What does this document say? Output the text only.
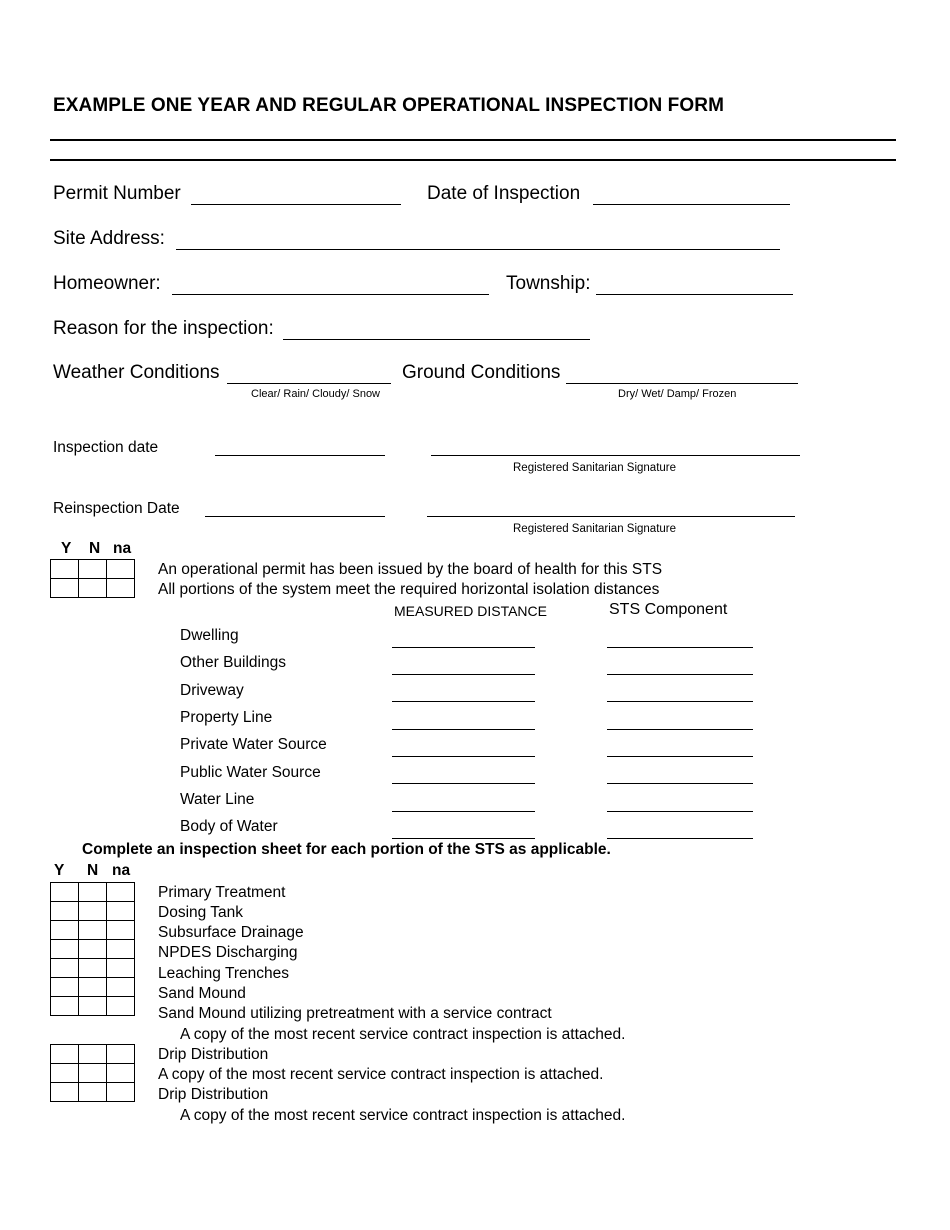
EXAMPLE ONE YEAR AND REGULAR OPERATIONAL INSPECTION FORM
Permit Number	Date of Inspection
Site Address:
Homeowner:	Township:
Reason for the inspection:
Weather Conditions
Clear/ Rain/ Cloudy/ Snow
Ground Conditions
Dry/ Wet/ Damp/ Frozen
Inspection date
Registered Sanitarian Signature
Reinspection Date
Registered Sanitarian Signature
Y N na

An operational permit has been issued by the board of health for this STS
All portions of the system meet the required horizontal isolation distances
MEASURED DISTANCE	STS Component
Dwelling
Other Buildings
Driveway
Property Line
Private Water Source
Public Water Source
Water Line
Body of Water
Complete an inspection sheet for each portion of the STS as applicable.
Y N na

Primary Treatment
Dosing Tank
Subsurface Drainage
NPDES Discharging
Leaching Trenches
Sand Mound
Sand Mound utilizing pretreatment with a service contract
A copy of the most recent service contract inspection is attached.

Drip Distribution
A copy of the most recent service contract inspection is attached.
Drip Distribution
A copy of the most recent service contract inspection is attached.
